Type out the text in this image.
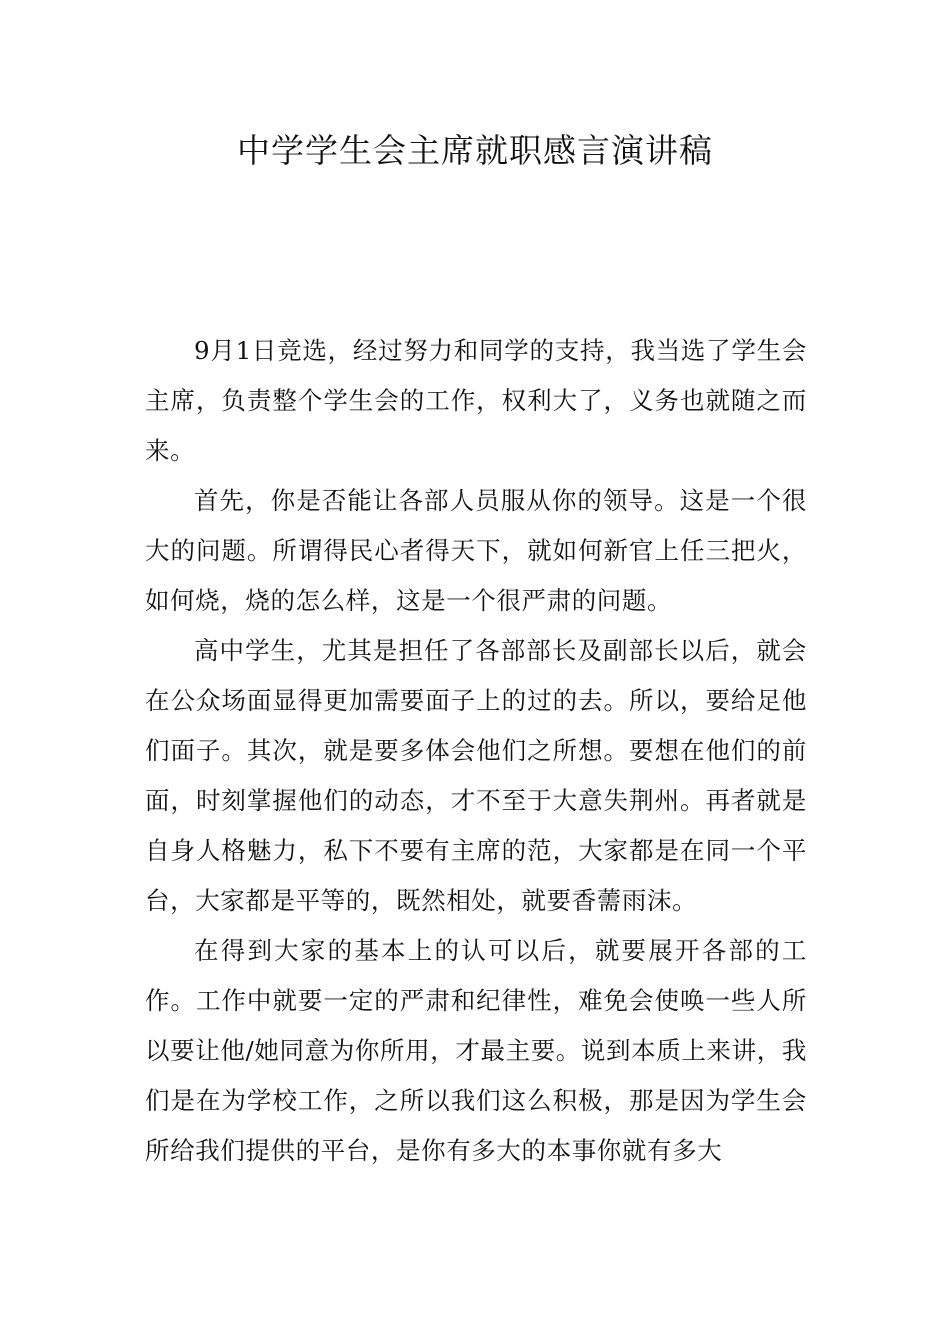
中学学生会主席就职感言演讲稿

9月1日竞选，经过努力和同学的支持，我当选了学生会主席，负责整个学生会的工作，权利大了，义务也就随之而来。

首先，你是否能让各部人员服从你的领导。这是一个很大的问题。所谓得民心者得天下，就如何新官上任三把火，如何烧，烧的怎么样，这是一个很严肃的问题。

高中学生，尤其是担任了各部部长及副部长以后，就会在公众场面显得更加需要面子上的过的去。所以，要给足他们面子。其次，就是要多体会他们之所想。要想在他们的前面，时刻掌握他们的动态，才不至于大意失荆州。再者就是自身人格魅力，私下不要有主席的范，大家都是在同一个平台，大家都是平等的，既然相处，就要香薷雨沫。

在得到大家的基本上的认可以后，就要展开各部的工作。工作中就要一定的严肃和纪律性，难免会使唤一些人所以要让他/她同意为你所用，才最主要。说到本质上来讲，我们是在为学校工作，之所以我们这么积极，那是因为学生会所给我们提供的平台，是你有多大的本事你就有多大
